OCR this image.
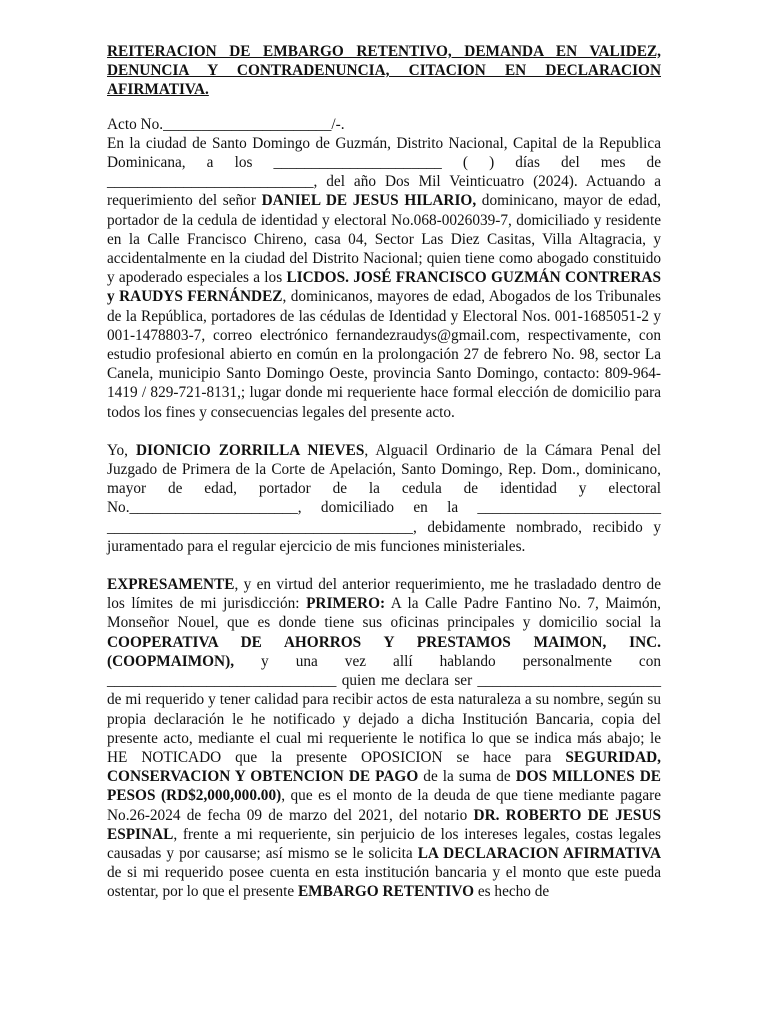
REITERACION DE EMBARGO RETENTIVO, DEMANDA EN VALIDEZ, DENUNCIA Y CONTRADENUNCIA, CITACION EN DECLARACION AFIRMATIVA.

Acto No.______________________/-.

En la ciudad de Santo Domingo de Guzmán, Distrito Nacional, Capital de la Republica Dominicana, a los ______________________ ( ) días del mes de ___________________________, del año Dos Mil Veinticuatro (2024). Actuando a requerimiento del señor DANIEL DE JESUS HILARIO, dominicano, mayor de edad, portador de la cedula de identidad y electoral No.068-0026039-7, domiciliado y residente en la Calle Francisco Chireno, casa 04, Sector Las Diez Casitas, Villa Altagracia, y accidentalmente en la ciudad del Distrito Nacional; quien tiene como abogado constituido y apoderado especiales a los LICDOS. JOSÉ FRANCISCO GUZMÁN CONTRERAS y RAUDYS FERNÁNDEZ, dominicanos, mayores de edad, Abogados de los Tribunales de la República, portadores de las cédulas de Identidad y Electoral Nos. 001-1685051-2 y 001-1478803-7, correo electrónico fernandezraudys@gmail.com, respectivamente, con estudio profesional abierto en común en la prolongación 27 de febrero No. 98, sector La Canela, municipio Santo Domingo Oeste, provincia Santo Domingo, contacto: 809-964-1419 / 829-721-8131,; lugar donde mi requeriente hace formal elección de domicilio para todos los fines y consecuencias legales del presente acto.

Yo, DIONICIO ZORRILLA NIEVES, Alguacil Ordinario de la Cámara Penal del Juzgado de Primera de la Corte de Apelación, Santo Domingo, Rep. Dom., dominicano, mayor de edad, portador de la cedula de identidad y electoral No.______________________, domiciliado en la ________________________ ________________________________________, debidamente nombrado, recibido y juramentado para el regular ejercicio de mis funciones ministeriales.

EXPRESAMENTE, y en virtud del anterior requerimiento, me he trasladado dentro de los límites de mi jurisdicción: PRIMERO: A la Calle Padre Fantino No. 7, Maimón, Monseñor Nouel, que es donde tiene sus oficinas principales y domicilio social la COOPERATIVA DE AHORROS Y PRESTAMOS MAIMON, INC. (COOPMAIMON), y una vez allí hablando personalmente con ______________________________ quien me declara ser ________________________ de mi requerido y tener calidad para recibir actos de esta naturaleza a su nombre, según su propia declaración le he notificado y dejado a dicha Institución Bancaria, copia del presente acto, mediante el cual mi requeriente le notifica lo que se indica más abajo; le HE NOTICADO que la presente OPOSICION se hace para SEGURIDAD, CONSERVACION Y OBTENCION DE PAGO de la suma de DOS MILLONES DE PESOS (RD$2,000,000.00), que es el monto de la deuda de que tiene mediante pagare No.26-2024 de fecha 09 de marzo del 2021, del notario DR. ROBERTO DE JESUS ESPINAL, frente a mi requeriente, sin perjuicio de los intereses legales, costas legales causadas y por causarse; así mismo se le solicita LA DECLARACION AFIRMATIVA de si mi requerido posee cuenta en esta institución bancaria y el monto que este pueda ostentar, por lo que el presente EMBARGO RETENTIVO es hecho de
